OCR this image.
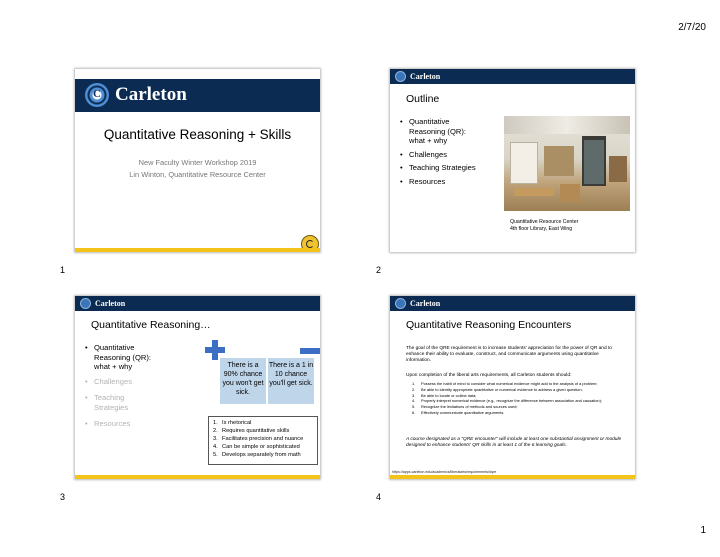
2/7/20
C Carleton
Quantitative Reasoning + Skills
New Faculty Winter Workshop 2019
Lin Winton, Quantitative Resource Center
1
Carleton
Outline
• Quantitative Reasoning (QR): what + why
• Challenges
• Teaching Strategies
• Resources
Quantitative Resource Center
4th floor Library, East Wing
2
Carleton
Quantitative Reasoning…
• Quantitative Reasoning (QR): what + why
• Challenges
• Teaching Strategies
• Resources
There is a 90% chance you won't get sick.
There is a 1 in 10 chance you'll get sick.
1. Is rhetorical
2. Requires quantitative skills
3. Facilitates precision and nuance
4. Can be simple or sophisticated
5. Develops separately from math
3
Carleton
Quantitative Reasoning Encounters
The goal of the QRE requirement is to increase students' appreciation for the power of QR and to enhance their ability to evaluate, construct, and communicate arguments using quantitative information.
Upon completion of the liberal arts requirements, all Carleton students should:
1.	Possess the habit of mind to consider what numerical evidence might add to the analysis of a problem;
2.	Be able to identify appropriate quantitative or numerical evidence to address a given question;
3.	Be able to locate or collect data;
4.	Properly interpret numerical evidence (e.g., recognize the difference between association and causation);
5.	Recognize the limitations of methods and sources used;
6.	Effectively communicate quantitative arguments.
A course designated as a "QRE encounter" will include at least one substantial assignment or module designed to enhance students' QR skills in at least 1 of the 6 learning goals.
https://apps.carleton.edu/academics/liberalarts/requirements/#qre
4
1
